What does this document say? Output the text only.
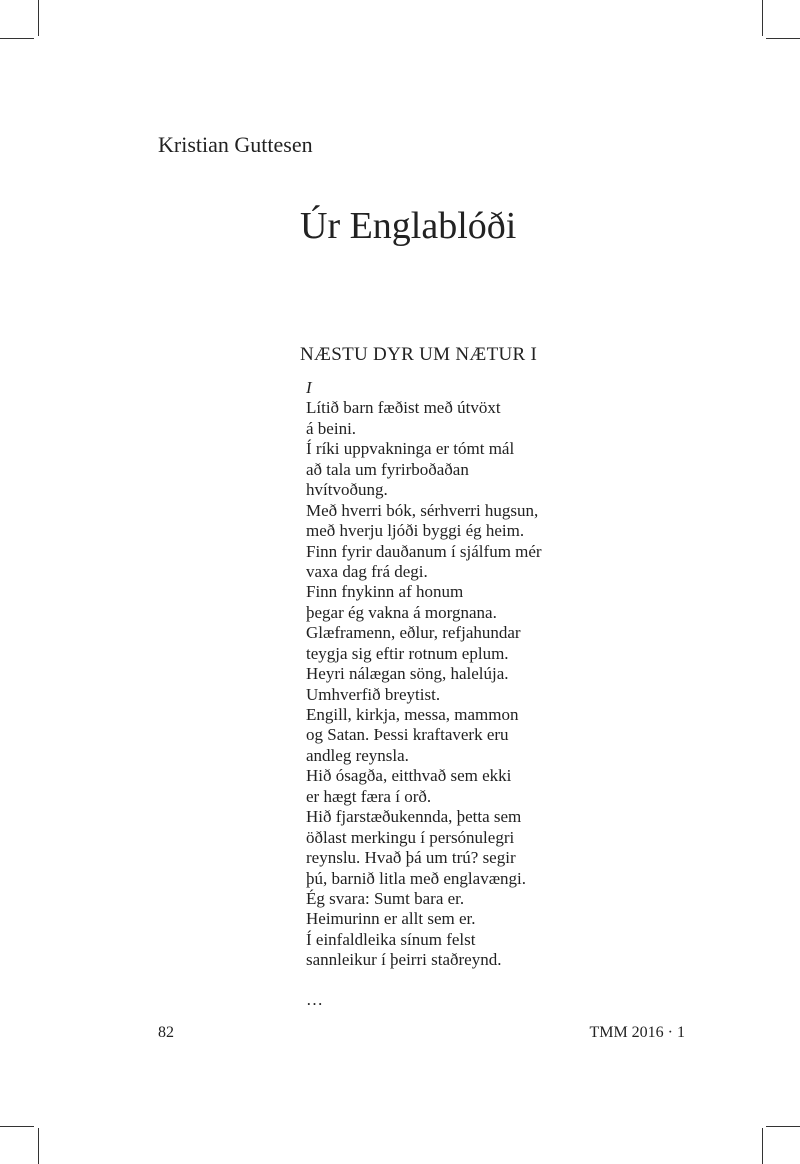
Kristian Guttesen
Úr Englablóði
NÆSTU DYR UM NÆTUR I
I
Lítið barn fæðist með útvöxt
á beini.
Í ríki uppvakninga er tómt mál
að tala um fyrirboðaðan
hvítvoðung.
Með hverri bók, sérhverri hugsun,
með hverju ljóði byggi ég heim.
Finn fyrir dauðanum í sjálfum mér
vaxa dag frá degi.
Finn fnykinn af honum
þegar ég vakna á morgnana.
Glæframenn, eðlur, refjahundar
teygja sig eftir rotnum eplum.
Heyri nálægan söng, halelúja.
Umhverfið breytist.
Engill, kirkja, messa, mammon
og Satan. Þessi kraftaverk eru
andleg reynsla.
Hið ósagða, eitthvað sem ekki
er hægt færa í orð.
Hið fjarstæðukennda, þetta sem
öðlast merkingu í persónulegri
reynslu. Hvað þá um trú? segir
þú, barnið litla með englavængi.
Ég svara: Sumt bara er.
Heimurinn er allt sem er.
Í einfaldleika sínum felst
sannleikur í þeirri staðreynd.
…
82	TMM 2016 · 1
